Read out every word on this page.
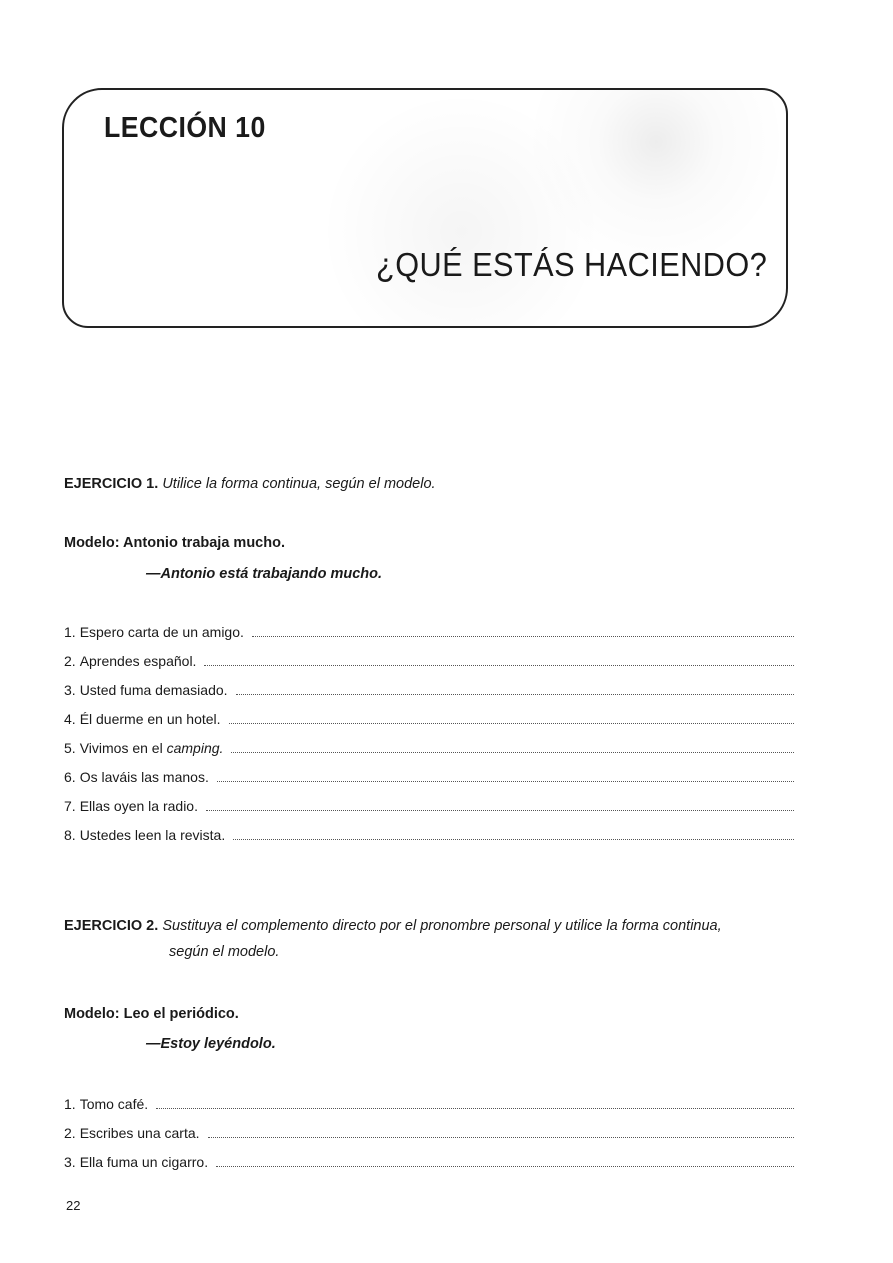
LECCIÓN 10
¿QUÉ ESTÁS HACIENDO?
EJERCICIO 1. Utilice la forma continua, según el modelo.
Modelo: Antonio trabaja mucho.
—Antonio está trabajando mucho.
1. Espero carta de un amigo.
2. Aprendes español.
3. Usted fuma demasiado.
4. Él duerme en un hotel.
5. Vivimos en el camping.
6. Os laváis las manos.
7. Ellas oyen la radio.
8. Ustedes leen la revista.
EJERCICIO 2. Sustituya el complemento directo por el pronombre personal y utilice la forma continua,
según el modelo.
Modelo: Leo el periódico.
—Estoy leyéndolo.
1. Tomo café.
2. Escribes una carta.
3. Ella fuma un cigarro.
22
